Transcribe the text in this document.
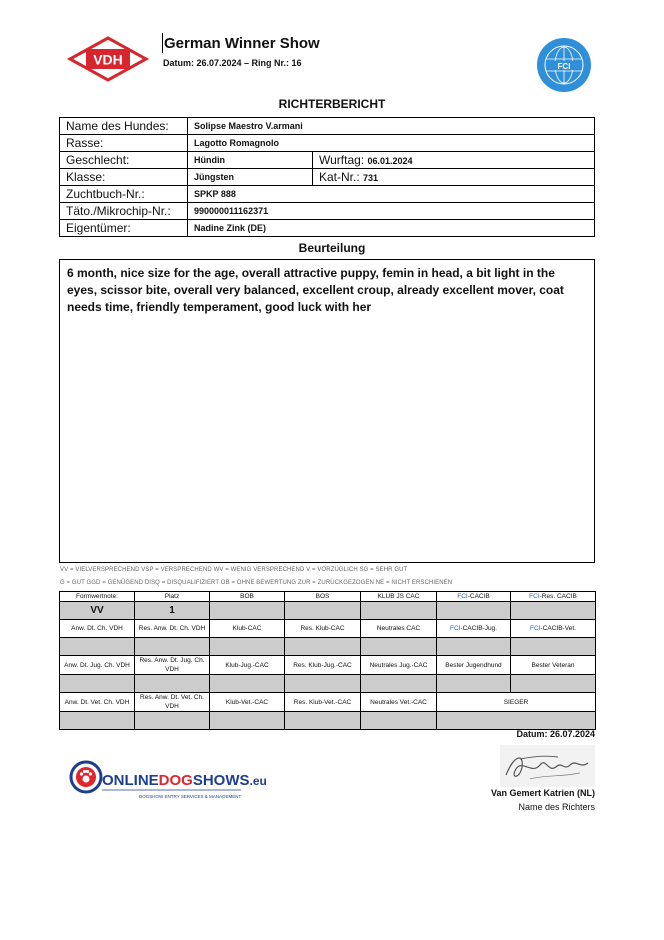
VDH
German Winner Show
Datum: 26.07.2024 – Ring Nr.: 16	FCI
RICHTERBERICHT
Name des Hundes:	Solipse Maestro V.armani	
Rasse:	Lagotto Romagnolo	
Geschlecht:	Hündin	Wurftag: 06.01.2024
Klasse:	Jüngsten	Kat-Nr.: 731
Zuchtbuch-Nr.:	SPKP 888	
Täto./Mikrochip-Nr.:	990000011162371	
Eigentümer:	Nadine Zink (DE)	
Beurteilung
6 month, nice size for the age, overall attractive puppy, femin in head, a bit light in the eyes, scissor bite, overall very balanced, excellent croup, already excellent mover, coat needs time, friendly temperament, good luck with her
VV = VIELVERSPRECHEND VSP = VERSPRECHEND WV = WENIG VERSPRECHEND V = VORZÜGLICH SG = SEHR GUT
G = GUT GGD = GENÜGEND DISQ = DISQUALIFIZIERT OB = OHNE BEWERTUNG ZUR = ZURÜCKGEZOGEN NE = NICHT ERSCHIENEN
Formwertnote:	Platz	BOB	BOS	KLUB JS CAC	FCI-CACIB	FCI-Res. CACIB
VV	1					
Anw. Dt. Ch. VDH	Res. Anw. Dt. Ch. VDH	Klub-CAC	Res. Klub-CAC	Neutrales CAC	FCI-CACIB-Jug.	FCI-CACIB-Vet.

Anw. Dt. Jug. Ch. VDH	Res. Anw. Dt. Jug. Ch. VDH	Klub-Jug.-CAC	Res. Klub-Jug.-CAC	Neutrales Jug.-CAC	Bester Jugendhund	Bester Veteran

Anw. Dt. Vet. Ch. VDH	Res. Anw. Dt. Vet. Ch. VDH	Klub-Vet.-CAC	Res. Klub-Vet.-CAC	Neutrales Vet.-CAC	SIEGER	

Datum: 26.07.2024
ONLINEDOGSHOWS.eu
DOGSHOW ENTRY SERVICES & MANAGEMENT	Van Gemert Katrien (NL)
Name des Richters
